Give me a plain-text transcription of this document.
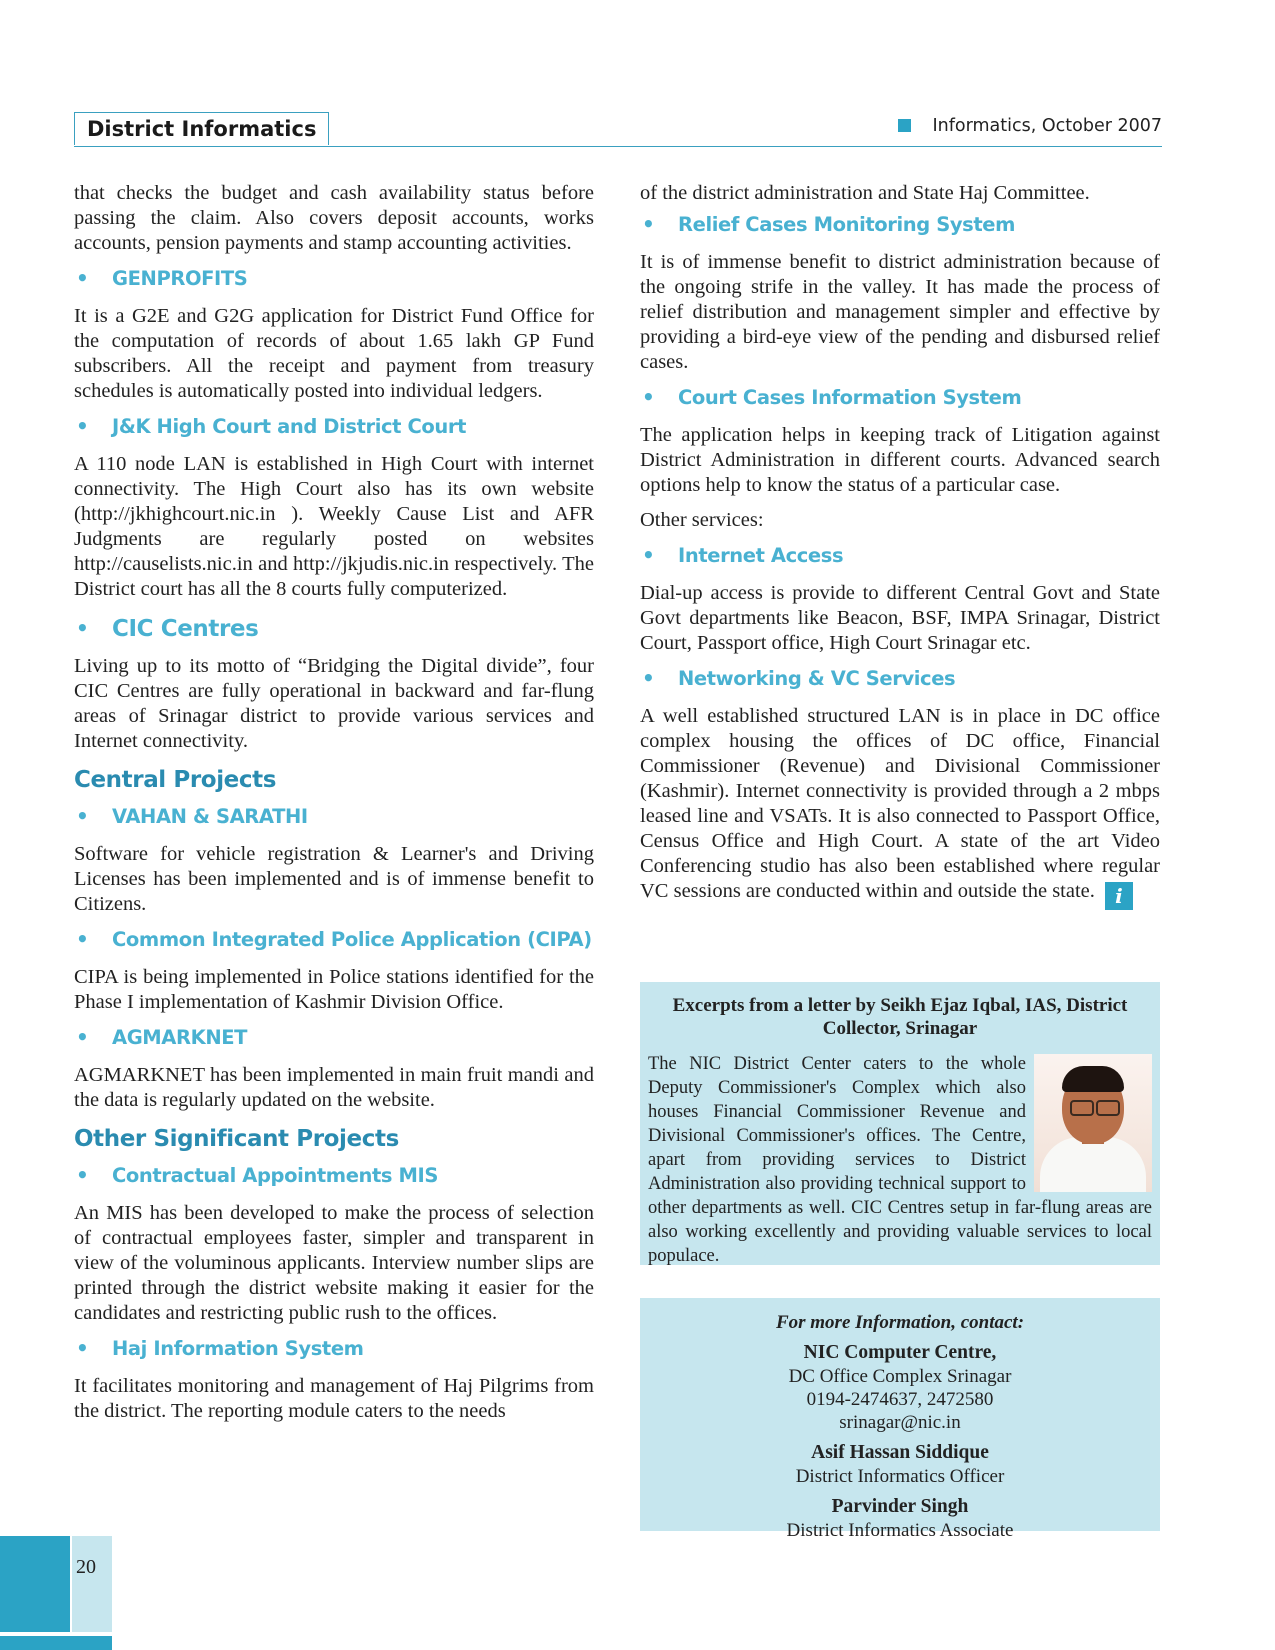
District Informatics	Informatics, October 2007

that checks the budget and cash availability status before passing the claim. Also covers deposit accounts, works accounts, pension payments and stamp accounting activities.

• GENPROFITS

It is a G2E and G2G application for District Fund Office for the computation of records of about 1.65 lakh GP Fund subscribers. All the receipt and payment from treasury schedules is automatically posted into individual ledgers.

• J&K High Court and District Court

A 110 node LAN is established in High Court with internet connectivity. The High Court also has its own website (http://jkhighcourt.nic.in ). Weekly Cause List and AFR Judgments are regularly posted on websites http://causelists.nic.in and http://jkjudis.nic.in respectively. The District court has all the 8 courts fully computerized.

• CIC Centres

Living up to its motto of “Bridging the Digital divide”, four CIC Centres are fully operational in backward and far-flung areas of Srinagar district to provide various services and Internet connectivity.

Central Projects
• VAHAN & SARATHI

Software for vehicle registration & Learner's and Driving Licenses has been implemented and is of immense benefit to Citizens.

• Common Integrated Police Application (CIPA)

CIPA is being implemented in Police stations identified for the Phase I implementation of Kashmir Division Office.

• AGMARKNET

AGMARKNET has been implemented in main fruit mandi and the data is regularly updated on the website.

Other Significant Projects
• Contractual Appointments MIS

An MIS has been developed to make the process of selection of contractual employees faster, simpler and transparent in view of the voluminous applicants. Interview number slips are printed through the district website making it easier for the candidates and restricting public rush to the offices.

• Haj Information System

It facilitates monitoring and management of Haj Pilgrims from the district. The reporting module caters to the needs

of the district administration and State Haj Committee.

• Relief Cases Monitoring System

It is of immense benefit to district administration because of the ongoing strife in the valley. It has made the process of relief distribution and management simpler and effective by providing a bird-eye view of the pending and disbursed relief cases.

• Court Cases Information System

The application helps in keeping track of Litigation against District Administration in different courts. Advanced search options help to know the status of a particular case.

Other services:

• Internet Access

Dial-up access is provide to different Central Govt and State Govt departments like Beacon, BSF, IMPA Srinagar, District Court, Passport office, High Court Srinagar etc.

• Networking & VC Services

A well established structured LAN is in place in DC office complex housing the offices of DC office, Financial Commissioner (Revenue) and Divisional Commissioner (Kashmir). Internet connectivity is provided through a 2 mbps leased line and VSATs. It is also connected to Passport Office, Census Office and High Court. A state of the art Video Conferencing studio has also been established where regular VC sessions are conducted within and outside the state. i

Excerpts from a letter by Seikh Ejaz Iqbal, IAS, District Collector, Srinagar
The NIC District Center caters to the whole Deputy Commissioner's Complex which also houses Financial Commissioner Revenue and Divisional Commissioner's offices. The Centre, apart from providing services to District Administration also providing technical support to other departments as well. CIC Centres setup in far-flung areas are also working excellently and providing valuable services to local populace.
For more Information, contact:
NIC Computer Centre,
DC Office Complex Srinagar
0194-2474637, 2472580
srinagar@nic.in
Asif Hassan Siddique
District Informatics Officer
Parvinder Singh
District Informatics Associate
20
